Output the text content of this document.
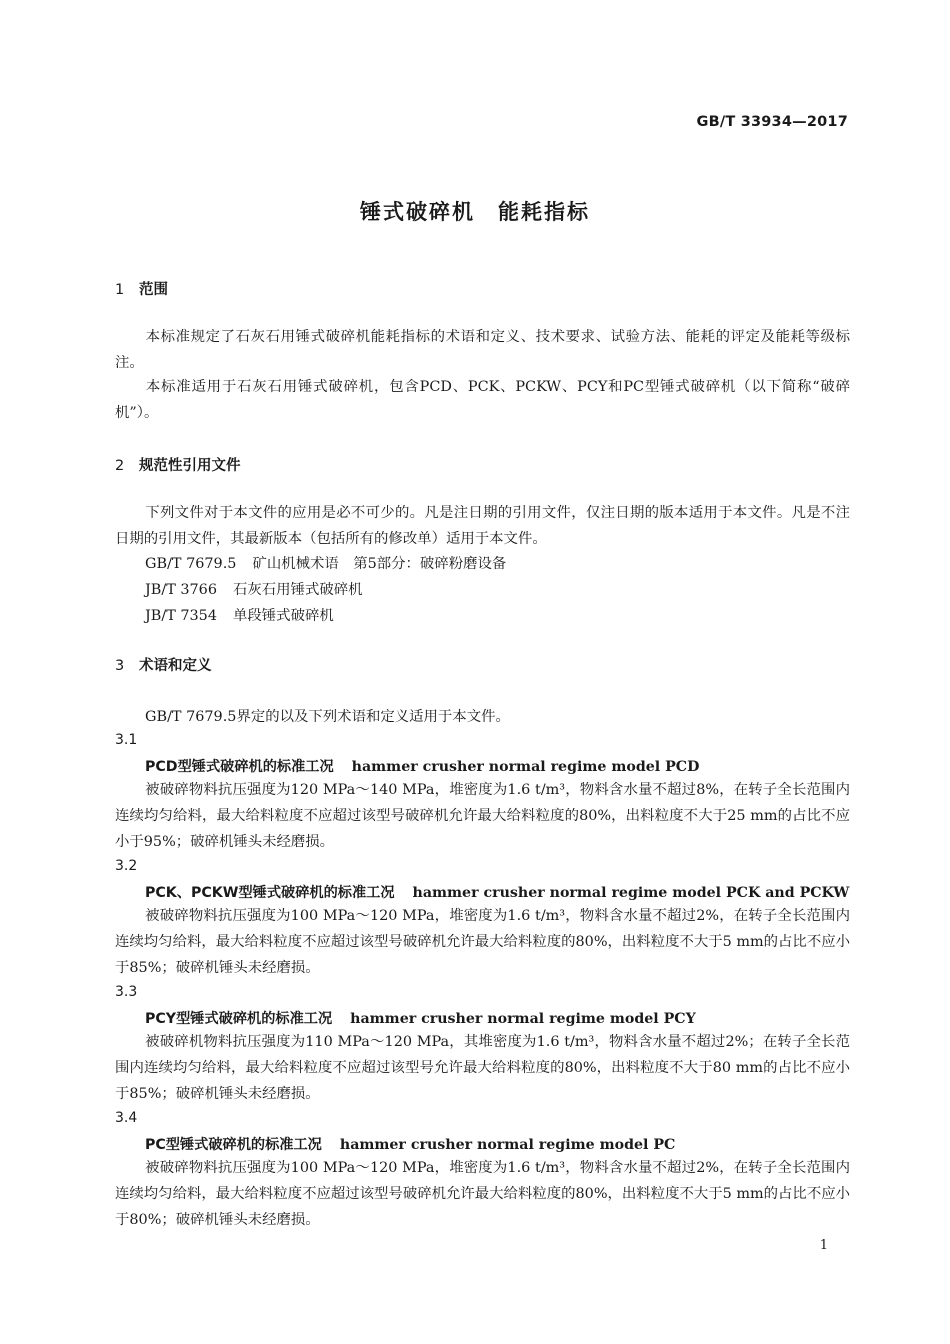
GB/T 33934—2017
锤式破碎机　能耗指标
1 范围
本标准规定了石灰石用锤式破碎机能耗指标的术语和定义、技术要求、试验方法、能耗的评定及能耗等级标注。
本标准适用于石灰石用锤式破碎机，包含PCD、PCK、PCKW、PCY和PC型锤式破碎机（以下简称“破碎机”）。
2 规范性引用文件
下列文件对于本文件的应用是必不可少的。凡是注日期的引用文件，仅注日期的版本适用于本文件。凡是不注日期的引用文件，其最新版本（包括所有的修改单）适用于本文件。
GB/T 7679.5 矿山机械术语　第5部分：破碎粉磨设备
JB/T 3766 石灰石用锤式破碎机
JB/T 7354 单段锤式破碎机
3 术语和定义
GB/T 7679.5界定的以及下列术语和定义适用于本文件。
3.1
PCD型锤式破碎机的标准工况 hammer crusher normal regime model PCD
被破碎物料抗压强度为120 MPa～140 MPa，堆密度为1.6 t/m³，物料含水量不超过8%，在转子全长范围内连续均匀给料，最大给料粒度不应超过该型号破碎机允许最大给料粒度的80%，出料粒度不大于25 mm的占比不应小于95%；破碎机锤头未经磨损。
3.2
PCK、PCKW型锤式破碎机的标准工况 hammer crusher normal regime model PCK and PCKW
被破碎物料抗压强度为100 MPa～120 MPa，堆密度为1.6 t/m³，物料含水量不超过2%，在转子全长范围内连续均匀给料，最大给料粒度不应超过该型号破碎机允许最大给料粒度的80%，出料粒度不大于5 mm的占比不应小于85%；破碎机锤头未经磨损。
3.3
PCY型锤式破碎机的标准工况 hammer crusher normal regime model PCY
被破碎机物料抗压强度为110 MPa～120 MPa，其堆密度为1.6 t/m³，物料含水量不超过2%；在转子全长范围内连续均匀给料，最大给料粒度不应超过该型号允许最大给料粒度的80%，出料粒度不大于80 mm的占比不应小于85%；破碎机锤头未经磨损。
3.4
PC型锤式破碎机的标准工况 hammer crusher normal regime model PC
被破碎物料抗压强度为100 MPa～120 MPa，堆密度为1.6 t/m³，物料含水量不超过2%，在转子全长范围内连续均匀给料，最大给料粒度不应超过该型号破碎机允许最大给料粒度的80%，出料粒度不大于5 mm的占比不应小于80%；破碎机锤头未经磨损。
1
